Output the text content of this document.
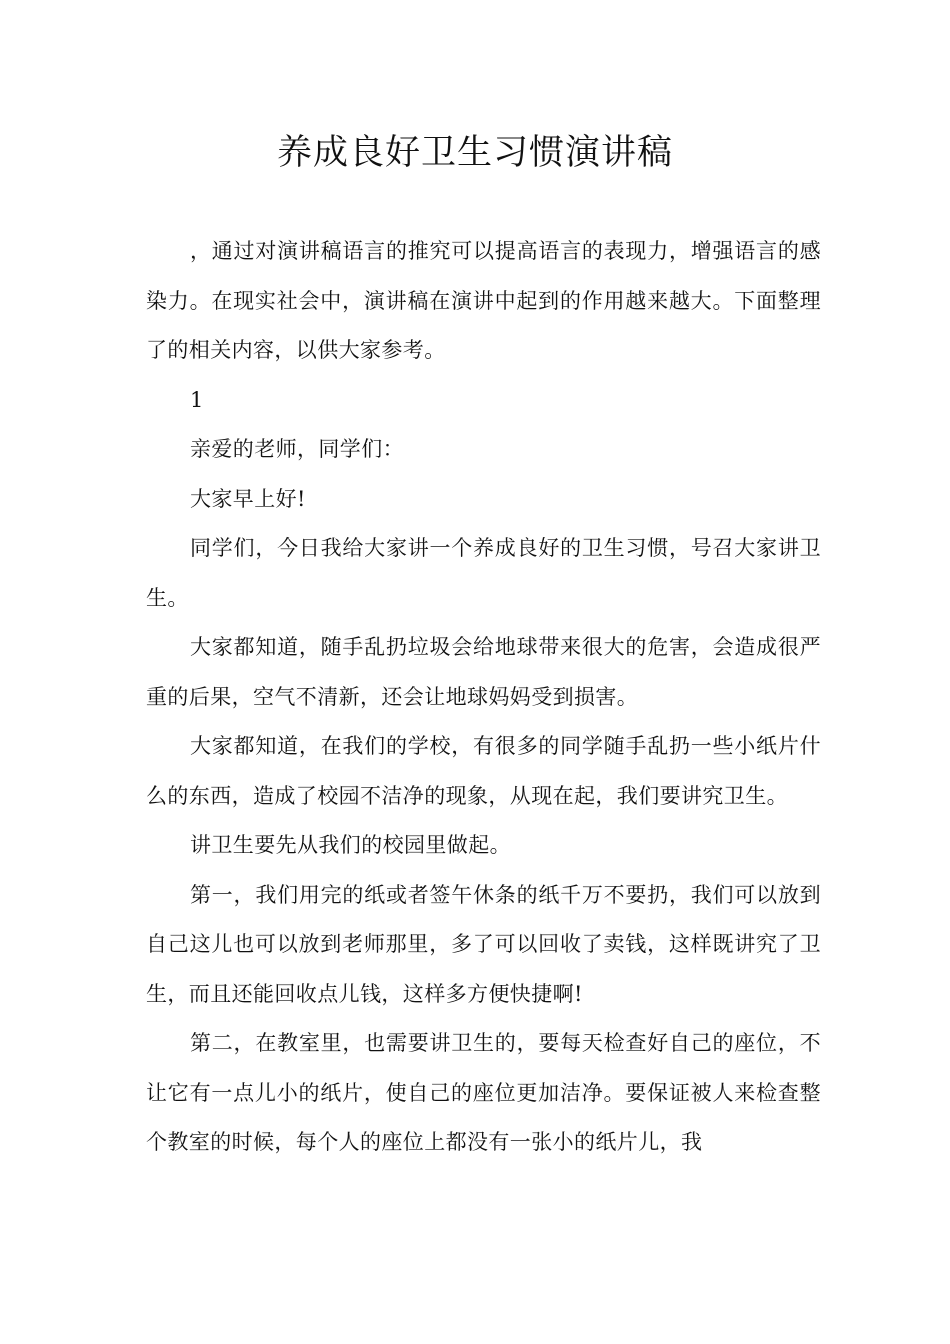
养成良好卫生习惯演讲稿

，通过对演讲稿语言的推究可以提高语言的表现力，增强语言的感染力。在现实社会中，演讲稿在演讲中起到的作用越来越大。下面整理了的相关内容，以供大家参考。

1

亲爱的老师，同学们：

大家早上好!

同学们，今日我给大家讲一个养成良好的卫生习惯，号召大家讲卫生。

大家都知道，随手乱扔垃圾会给地球带来很大的危害，会造成很严重的后果，空气不清新，还会让地球妈妈受到损害。

大家都知道，在我们的学校，有很多的同学随手乱扔一些小纸片什么的东西，造成了校园不洁净的现象，从现在起，我们要讲究卫生。

讲卫生要先从我们的校园里做起。

第一，我们用完的纸或者签午休条的纸千万不要扔，我们可以放到自己这儿也可以放到老师那里，多了可以回收了卖钱，这样既讲究了卫生，而且还能回收点儿钱，这样多方便快捷啊!

第二，在教室里，也需要讲卫生的，要每天检查好自己的座位，不让它有一点儿小的纸片，使自己的座位更加洁净。要保证被人来检查整个教室的时候，每个人的座位上都没有一张小的纸片儿，我
